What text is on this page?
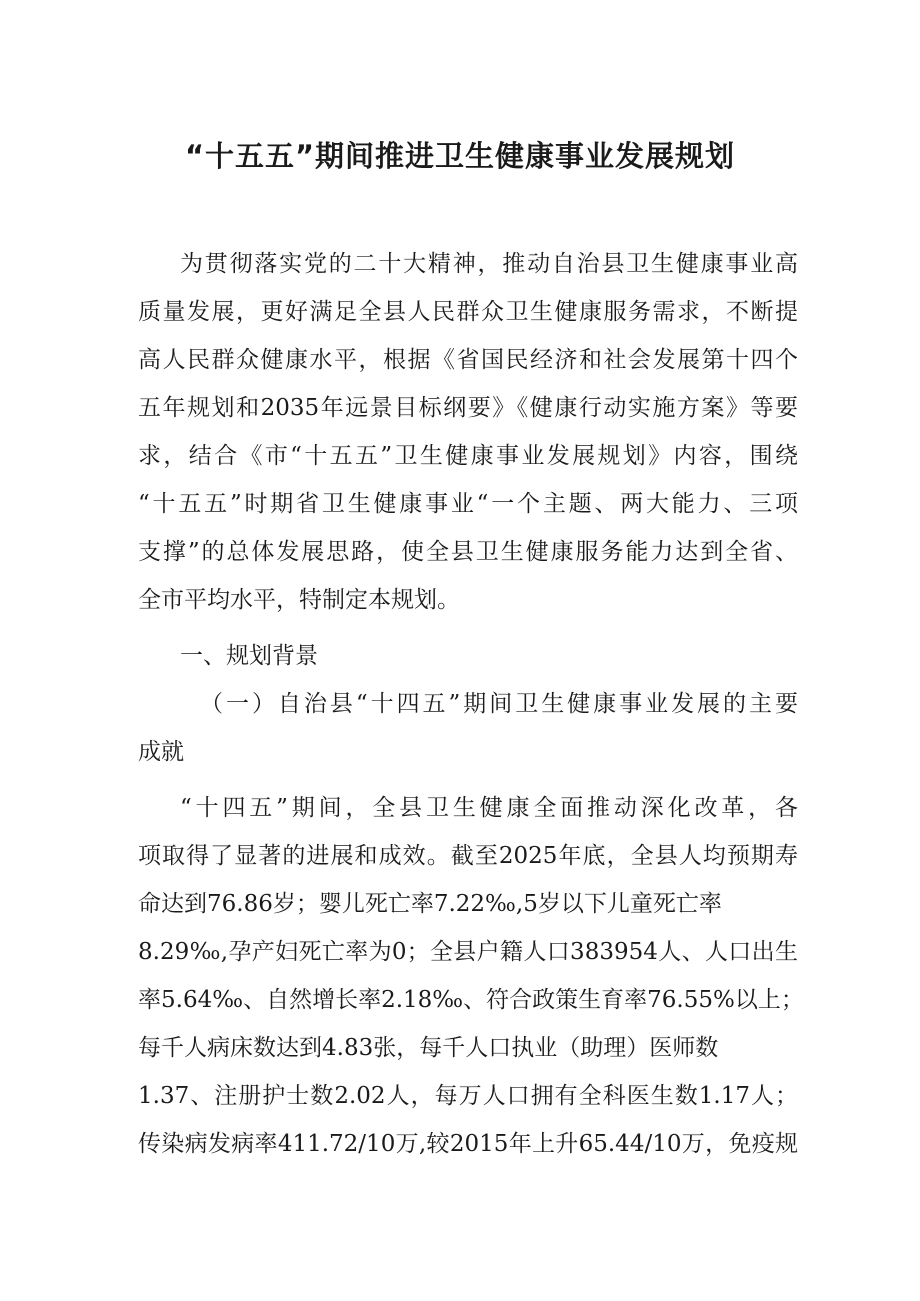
“十五五”期间推进卫生健康事业发展规划

为贯彻落实党的二十大精神，推动自治县卫生健康事业高

质量发展，更好满足全县人民群众卫生健康服务需求，不断提

高人民群众健康水平，根据《省国民经济和社会发展第十四个

五年规划和2035年远景目标纲要》《健康行动实施方案》等要

求，结合《市“十五五”卫生健康事业发展规划》内容，围绕

“十五五”时期省卫生健康事业“一个主题、两大能力、三项

支撑”的总体发展思路，使全县卫生健康服务能力达到全省、

全市平均水平，特制定本规划。

一、规划背景

（一）自治县“十四五”期间卫生健康事业发展的主要

成就

“十四五”期间，全县卫生健康全面推动深化改革，各

项取得了显著的进展和成效。截至2025年底，全县人均预期寿

命达到76.86岁；婴儿死亡率7.22‰,5岁以下儿童死亡率

8.29‰,孕产妇死亡率为0；全县户籍人口383954人、人口出生

率5.64‰、自然增长率2.18‰、符合政策生育率76.55%以上；

每千人病床数达到4.83张，每千人口执业（助理）医师数

1.37、注册护士数2.02人，每万人口拥有全科医生数1.17人；

传染病发病率411.72/10万,较2015年上升65.44/10万，免疫规
